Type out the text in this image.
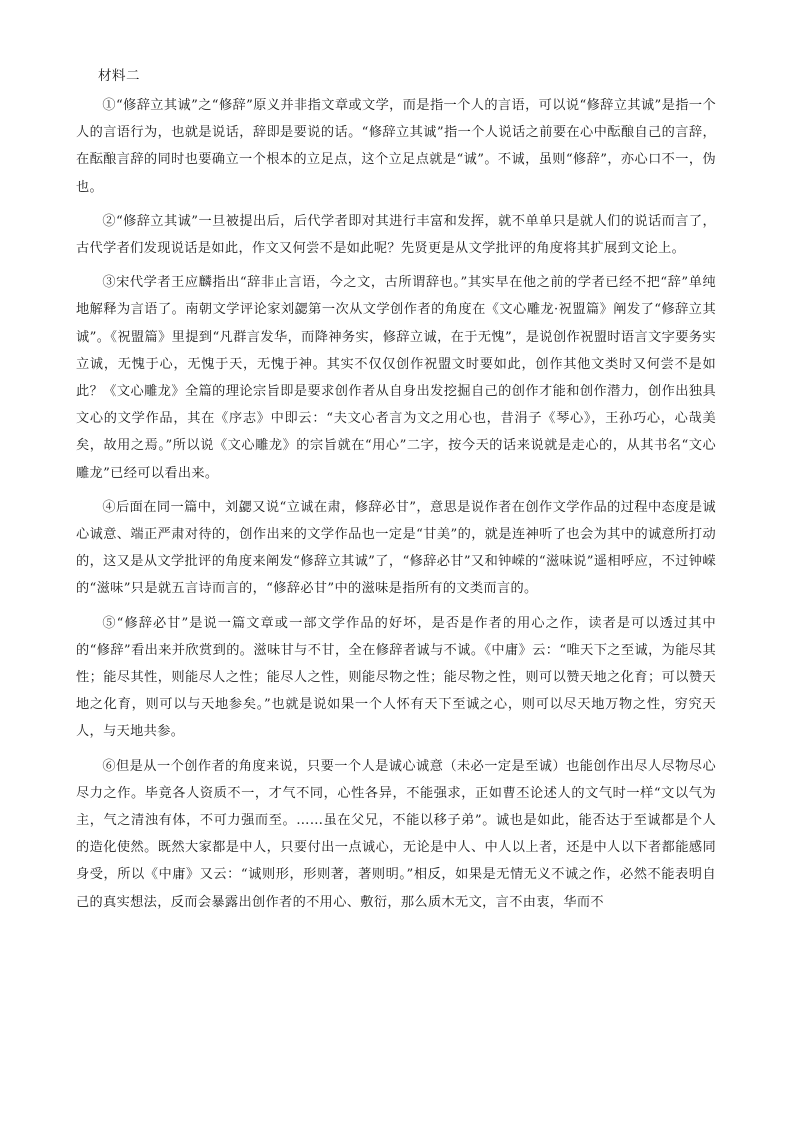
材料二

①“修辞立其诚”之“修辞”原义并非指文章或文学，而是指一个人的言语，可以说“修辞立其诚”是指一个人的言语行为，也就是说话，辞即是要说的话。“修辞立其诚”指一个人说话之前要在心中酝酿自己的言辞，在酝酿言辞的同时也要确立一个根本的立足点，这个立足点就是“诚”。不诚，虽则“修辞”，亦心口不一，伪也。

②“修辞立其诚”一旦被提出后，后代学者即对其进行丰富和发挥，就不单单只是就人们的说话而言了，古代学者们发现说话是如此，作文又何尝不是如此呢？先贤更是从文学批评的角度将其扩展到文论上。

③宋代学者王应麟指出“辞非止言语，今之文，古所谓辞也。”其实早在他之前的学者已经不把“辞”单纯地解释为言语了。南朝文学评论家刘勰第一次从文学创作者的角度在《文心雕龙·祝盟篇》阐发了“修辞立其诚”。《祝盟篇》里提到“凡群言发华，而降神务实，修辞立诚，在于无愧”，是说创作祝盟时语言文字要务实立诚，无愧于心，无愧于天，无愧于神。其实不仅仅创作祝盟文时要如此，创作其他文类时又何尝不是如此？《文心雕龙》全篇的理论宗旨即是要求创作者从自身出发挖掘自己的创作才能和创作潜力，创作出独具文心的文学作品，其在《序志》中即云：“夫文心者言为文之用心也，昔涓子《琴心》，王孙巧心，心哉美矣，故用之焉。”所以说《文心雕龙》的宗旨就在“用心”二字，按今天的话来说就是走心的，从其书名“文心雕龙”已经可以看出来。

④后面在同一篇中，刘勰又说“立诚在肃，修辞必甘”，意思是说作者在创作文学作品的过程中态度是诚心诚意、端正严肃对待的，创作出来的文学作品也一定是“甘美”的，就是连神听了也会为其中的诚意所打动的，这又是从文学批评的角度来阐发“修辞立其诚”了，“修辞必甘”又和钟嵘的“滋味说”遥相呼应，不过钟嵘的“滋味”只是就五言诗而言的，“修辞必甘”中的滋味是指所有的文类而言的。

⑤“修辞必甘”是说一篇文章或一部文学作品的好坏，是否是作者的用心之作，读者是可以透过其中的“修辞”看出来并欣赏到的。滋味甘与不甘，全在修辞者诚与不诚。《中庸》云：“唯天下之至诚，为能尽其性；能尽其性，则能尽人之性；能尽人之性，则能尽物之性；能尽物之性，则可以赞天地之化育；可以赞天地之化育，则可以与天地参矣。”也就是说如果一个人怀有天下至诚之心，则可以尽天地万物之性，穷究天人，与天地共参。

⑥但是从一个创作者的角度来说，只要一个人是诚心诚意（未必一定是至诚）也能创作出尽人尽物尽心尽力之作。毕竟各人资质不一，才气不同，心性各异，不能强求，正如曹丕论述人的文气时一样“文以气为主，气之清浊有体，不可力强而至。……虽在父兄，不能以移子弟”。诚也是如此，能否达于至诚都是个人的造化使然。既然大家都是中人，只要付出一点诚心，无论是中人、中人以上者，还是中人以下者都能感同身受，所以《中庸》又云：“诚则形，形则著，著则明。”相反，如果是无情无义不诚之作，必然不能表明自己的真实想法，反而会暴露出创作者的不用心、敷衍，那么质木无文，言不由衷，华而不
